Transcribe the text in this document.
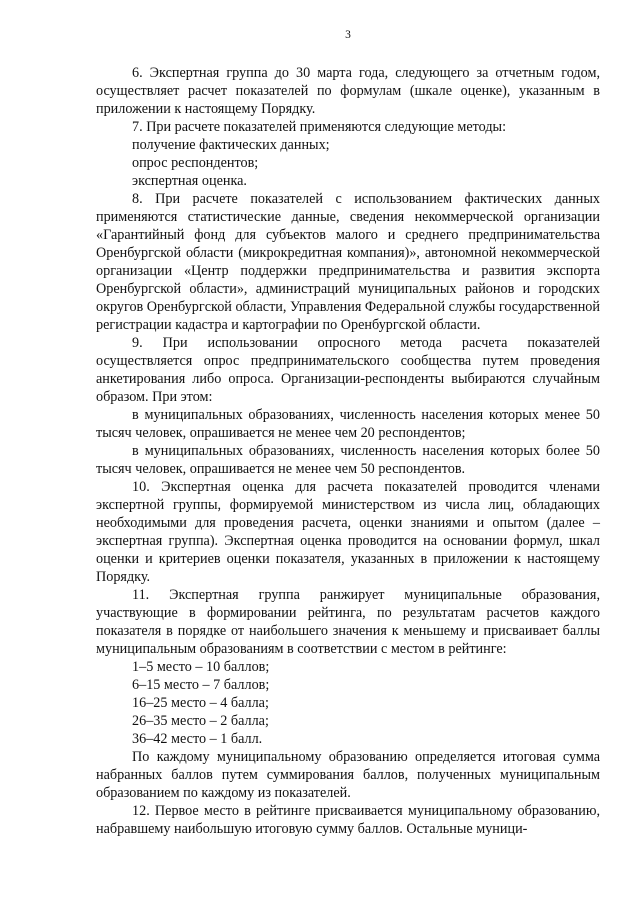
3

6. Экспертная группа до 30 марта года, следующего за отчетным годом, осуществляет расчет показателей по формулам (шкале оценке), указанным в приложении к настоящему Порядку.

7. При расчете показателей применяются следующие методы:

получение фактических данных;

опрос респондентов;

экспертная оценка.

8. При расчете показателей с использованием фактических данных применяются статистические данные, сведения некоммерческой организации «Гарантийный фонд для субъектов малого и среднего предпринимательства Оренбургской области (микрокредитная компания)», автономной некоммерческой организации «Центр поддержки предпринимательства и развития экспорта Оренбургской области», администраций муниципальных районов и городских округов Оренбургской области, Управления Федеральной службы государственной регистрации кадастра и картографии по Оренбургской области.

9. При использовании опросного метода расчета показателей осуществляется опрос предпринимательского сообщества путем проведения анкетирования либо опроса. Организации-респонденты выбираются случайным образом. При этом:

в муниципальных образованиях, численность населения которых менее 50 тысяч человек, опрашивается не менее чем 20 респондентов;

в муниципальных образованиях, численность населения которых более 50 тысяч человек, опрашивается не менее чем 50 респондентов.

10. Экспертная оценка для расчета показателей проводится членами экспертной группы, формируемой министерством из числа лиц, обладающих необходимыми для проведения расчета, оценки знаниями и опытом (далее – экспертная группа). Экспертная оценка проводится на основании формул, шкал оценки и критериев оценки показателя, указанных в приложении к настоящему Порядку.

11. Экспертная группа ранжирует муниципальные образования, участвующие в формировании рейтинга, по результатам расчетов каждого показателя в порядке от наибольшего значения к меньшему и присваивает баллы муниципальным образованиям в соответствии с местом в рейтинге:

1–5 место – 10 баллов;

6–15 место – 7 баллов;

16–25 место – 4 балла;

26–35 место – 2 балла;

36–42 место – 1 балл.

По каждому муниципальному образованию определяется итоговая сумма набранных баллов путем суммирования баллов, полученных муниципальным образованием по каждому из показателей.

12. Первое место в рейтинге присваивается муниципальному образованию, набравшему наибольшую итоговую сумму баллов. Остальные муници-
